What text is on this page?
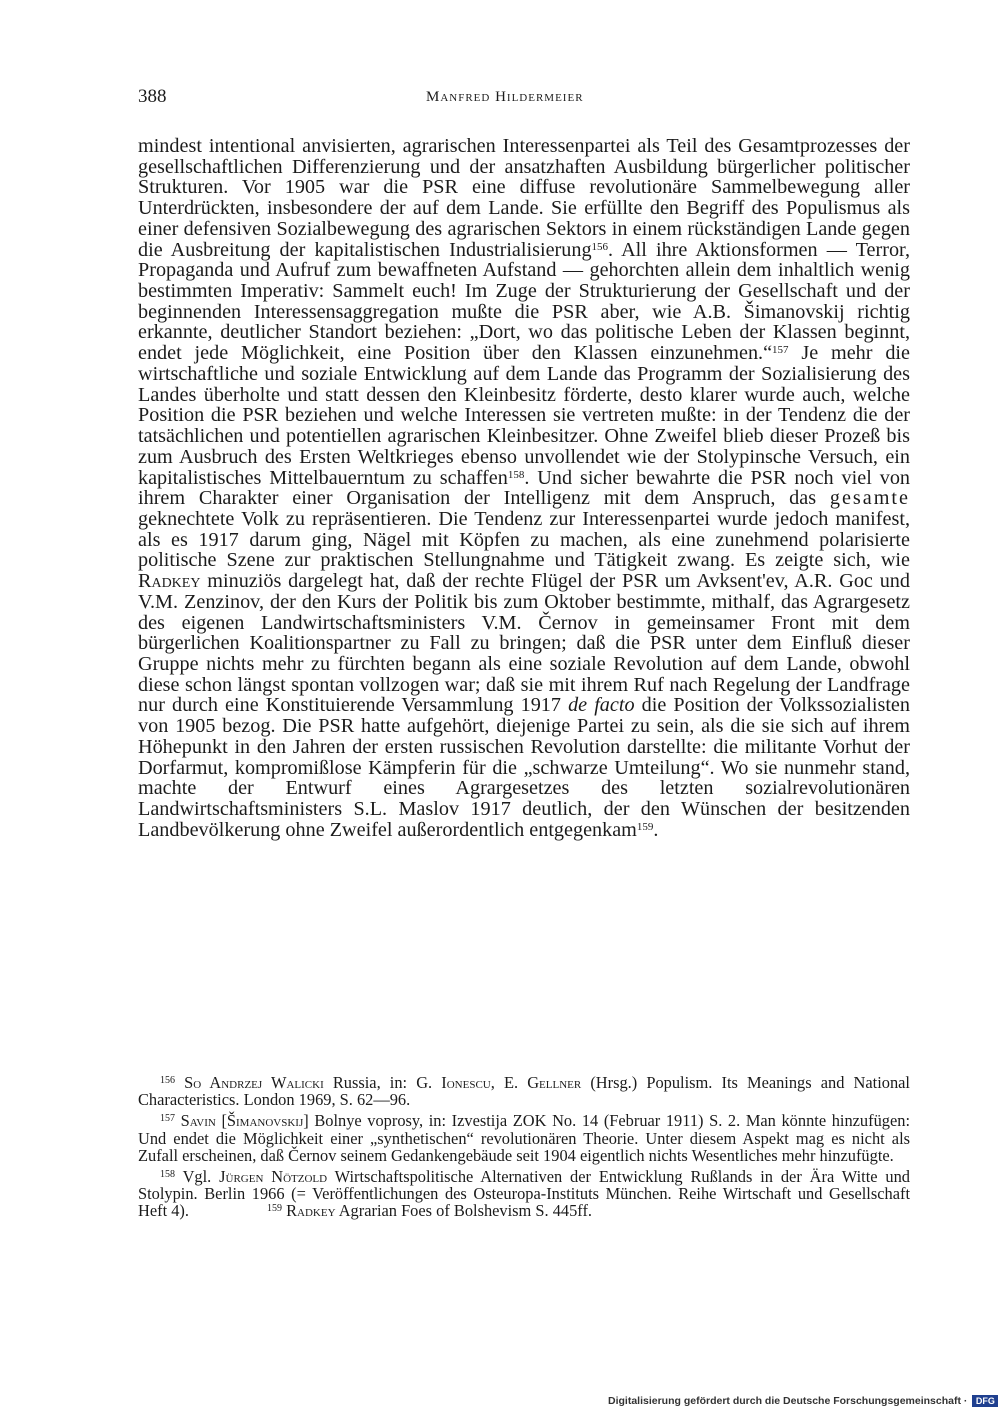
388	Manfred Hildermeier

mindest intentional anvisierten, agrarischen Interessenpartei als Teil des Gesamtprozesses der gesellschaftlichen Differenzierung und der ansatzhaften Ausbildung bürgerlicher politischer Strukturen. Vor 1905 war die PSR eine diffuse revolutionäre Sammelbewegung aller Unterdrückten, insbesondere der auf dem Lande. Sie erfüllte den Begriff des Populismus als einer defensiven Sozialbewegung des agrarischen Sektors in einem rückständigen Lande gegen die Ausbreitung der kapitalistischen Industrialisierung$^{156}$. All ihre Aktionsformen — Terror, Propaganda und Aufruf zum bewaffneten Aufstand — gehorchten allein dem inhaltlich wenig bestimmten Imperativ: Sammelt euch! Im Zuge der Strukturierung der Gesellschaft und der beginnenden Interessensaggregation mußte die PSR aber, wie A.B. Šimanovskij richtig erkannte, deutlicher Standort beziehen: „Dort, wo das politische Leben der Klassen beginnt, endet jede Möglichkeit, eine Position über den Klassen einzunehmen.“$^{157}$ Je mehr die wirtschaftliche und soziale Entwicklung auf dem Lande das Programm der Sozialisierung des Landes überholte und statt dessen den Kleinbesitz förderte, desto klarer wurde auch, welche Position die PSR beziehen und welche Interessen sie vertreten mußte: in der Tendenz die der tatsächlichen und potentiellen agrarischen Kleinbesitzer. Ohne Zweifel blieb dieser Prozeß bis zum Ausbruch des Ersten Weltkrieges ebenso unvollendet wie der Stolypinsche Versuch, ein kapitalistisches Mittelbauerntum zu schaffen$^{158}$. Und sicher bewahrte die PSR noch viel von ihrem Charakter einer Organisation der Intelligenz mit dem Anspruch, das gesamte geknechtete Volk zu repräsentieren. Die Tendenz zur Interessenpartei wurde jedoch manifest, als es 1917 darum ging, Nägel mit Köpfen zu machen, als eine zunehmend polarisierte politische Szene zur praktischen Stellungnahme und Tätigkeit zwang. Es zeigte sich, wie Radkey minuziös dargelegt hat, daß der rechte Flügel der PSR um Avksent'ev, A.R. Goc und V.M. Zenzinov, der den Kurs der Politik bis zum Oktober bestimmte, mithalf, das Agrargesetz des eigenen Landwirtschaftsministers V.M. Černov in gemeinsamer Front mit dem bürgerlichen Koalitionspartner zu Fall zu bringen; daß die PSR unter dem Einfluß dieser Gruppe nichts mehr zu fürchten begann als eine soziale Revolution auf dem Lande, obwohl diese schon längst spontan vollzogen war; daß sie mit ihrem Ruf nach Regelung der Landfrage nur durch eine Konstituierende Versammlung 1917 de facto die Position der Volkssozialisten von 1905 bezog. Die PSR hatte aufgehört, diejenige Partei zu sein, als die sie sich auf ihrem Höhepunkt in den Jahren der ersten russischen Revolution darstellte: die militante Vorhut der Dorfarmut, kompromißlose Kämpferin für die „schwarze Umteilung“. Wo sie nunmehr stand, machte der Entwurf eines Agrargesetzes des letzten sozialrevolutionären Landwirtschaftsministers S.L. Maslov 1917 deutlich, der den Wünschen der besitzenden Landbevölkerung ohne Zweifel außerordentlich entgegenkam$^{159}$.

$^{156}$ So Andrzej Walicki Russia, in: G. Ionescu, E. Gellner (Hrsg.) Populism. Its Meanings and National Characteristics. London 1969, S. 62—96.

$^{157}$ Savin [Šimanovskij] Bolnye voprosy, in: Izvestija ZOK No. 14 (Februar 1911) S. 2. Man könnte hinzufügen: Und endet die Möglichkeit einer „synthetischen“ revolutionären Theorie. Unter diesem Aspekt mag es nicht als Zufall erscheinen, daß Černov seinem Gedankengebäude seit 1904 eigentlich nichts Wesentliches mehr hinzufügte.

$^{158}$ Vgl. Jürgen Nötzold Wirtschaftspolitische Alternativen der Entwicklung Rußlands in der Ära Witte und Stolypin. Berlin 1966 (= Veröffentlichungen des Osteuropa-Instituts München. Reihe Wirtschaft und Gesellschaft Heft 4).	$^{159}$ Radkey Agrarian Foes of Bolshevism S. 445ff.

Digitalisierung gefördert durch die Deutsche Forschungsgemeinschaft · DFG
